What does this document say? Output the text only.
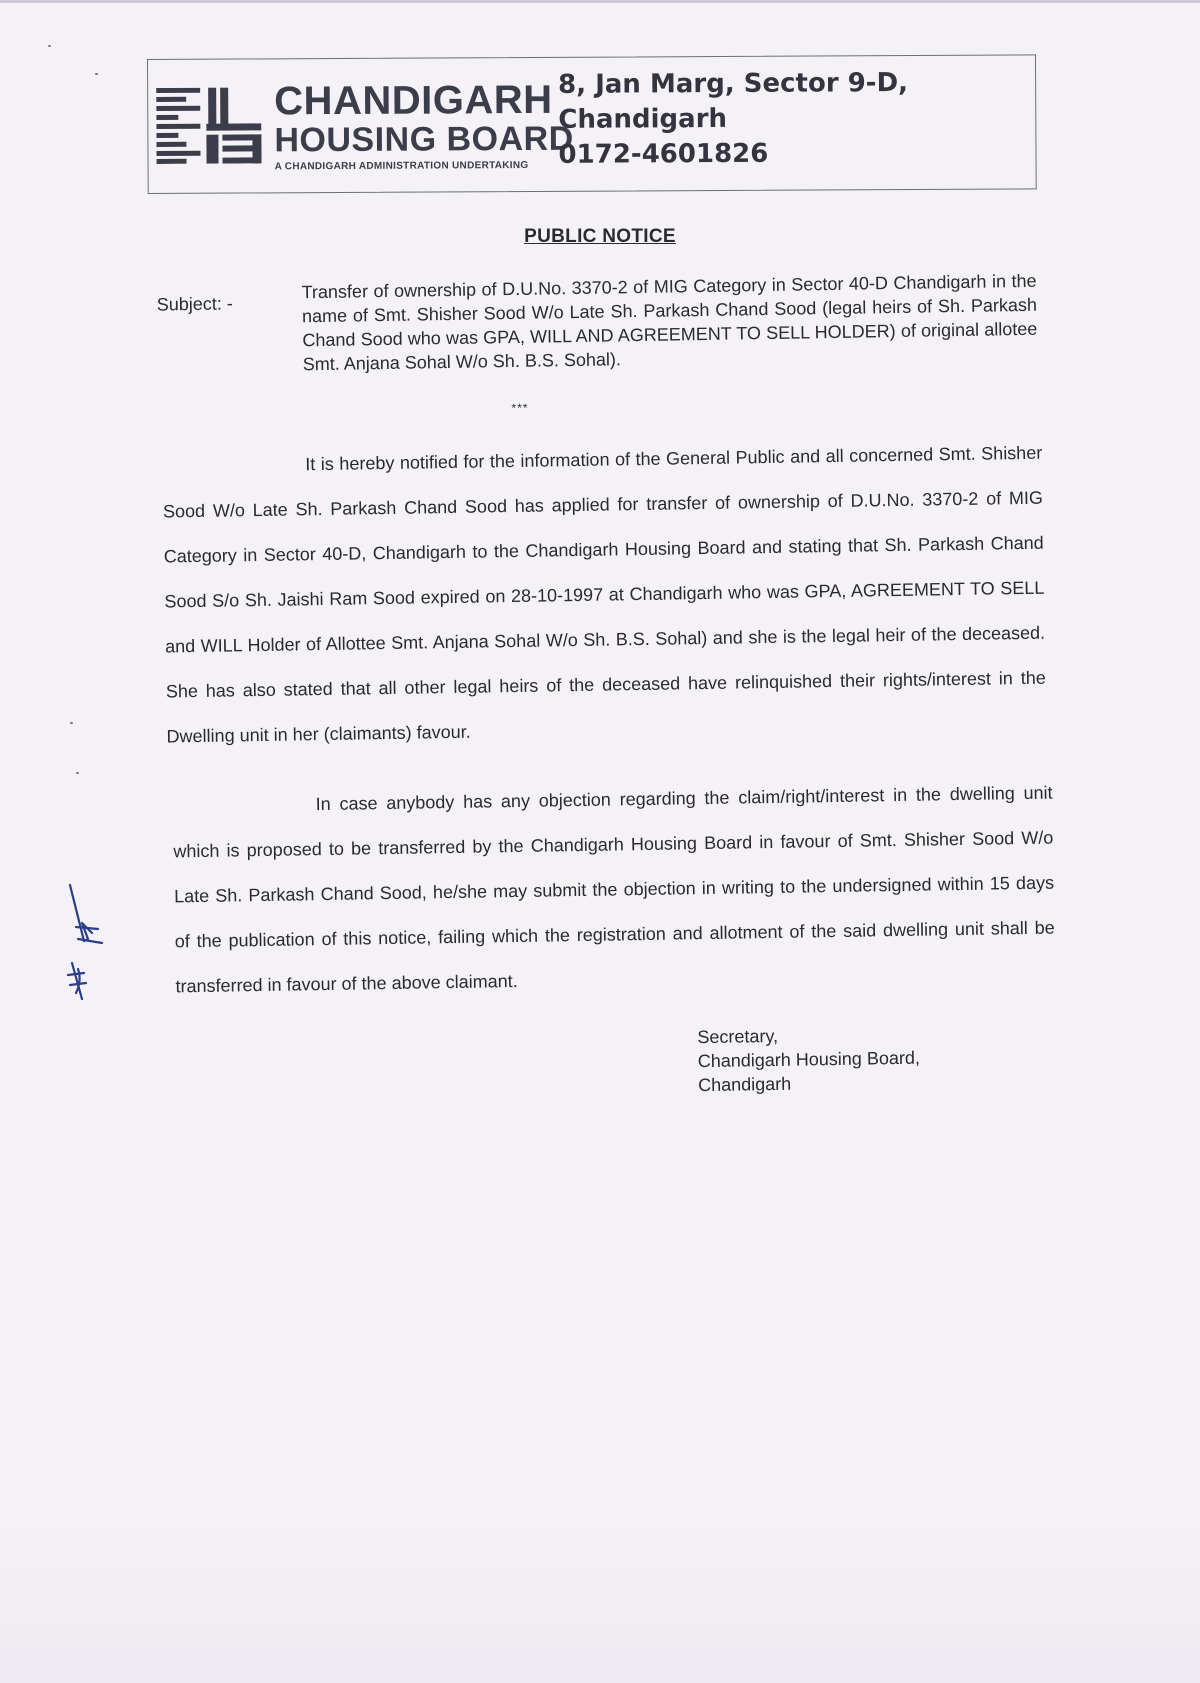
CHANDIGARH
HOUSING BOARD
A CHANDIGARH ADMINISTRATION UNDERTAKING
8, Jan Marg, Sector 9-D,
Chandigarh
0172-4601826
PUBLIC NOTICE
Subject: -
Transfer of ownership of D.U.No. 3370-2 of MIG Category in Sector 40-D Chandigarh in the name of Smt. Shisher Sood W/o Late Sh. Parkash Chand Sood (legal heirs of Sh. Parkash Chand Sood who was GPA, WILL AND AGREEMENT TO SELL HOLDER) of original allotee Smt. Anjana Sohal W/o Sh. B.S. Sohal).
***
It is hereby notified for the information of the General Public and all concerned Smt. Shisher Sood W/o Late Sh. Parkash Chand Sood has applied for transfer of ownership of D.U.No. 3370-2 of MIG Category in Sector 40-D, Chandigarh to the Chandigarh Housing Board and stating that Sh. Parkash Chand Sood S/o Sh. Jaishi Ram Sood expired on 28-10-1997 at Chandigarh who was GPA, AGREEMENT TO SELL and WILL Holder of Allottee Smt. Anjana Sohal W/o Sh. B.S. Sohal) and she is the legal heir of the deceased. She has also stated that all other legal heirs of the deceased have relinquished their rights/interest in the Dwelling unit in her (claimants) favour.
In case anybody has any objection regarding the claim/right/interest in the dwelling unit which is proposed to be transferred by the Chandigarh Housing Board in favour of Smt. Shisher Sood W/o Late Sh. Parkash Chand Sood, he/she may submit the objection in writing to the undersigned within 15 days of the publication of this notice, failing which the registration and allotment of the said dwelling unit shall be transferred in favour of the above claimant.
Secretary,
Chandigarh Housing Board,
Chandigarh
